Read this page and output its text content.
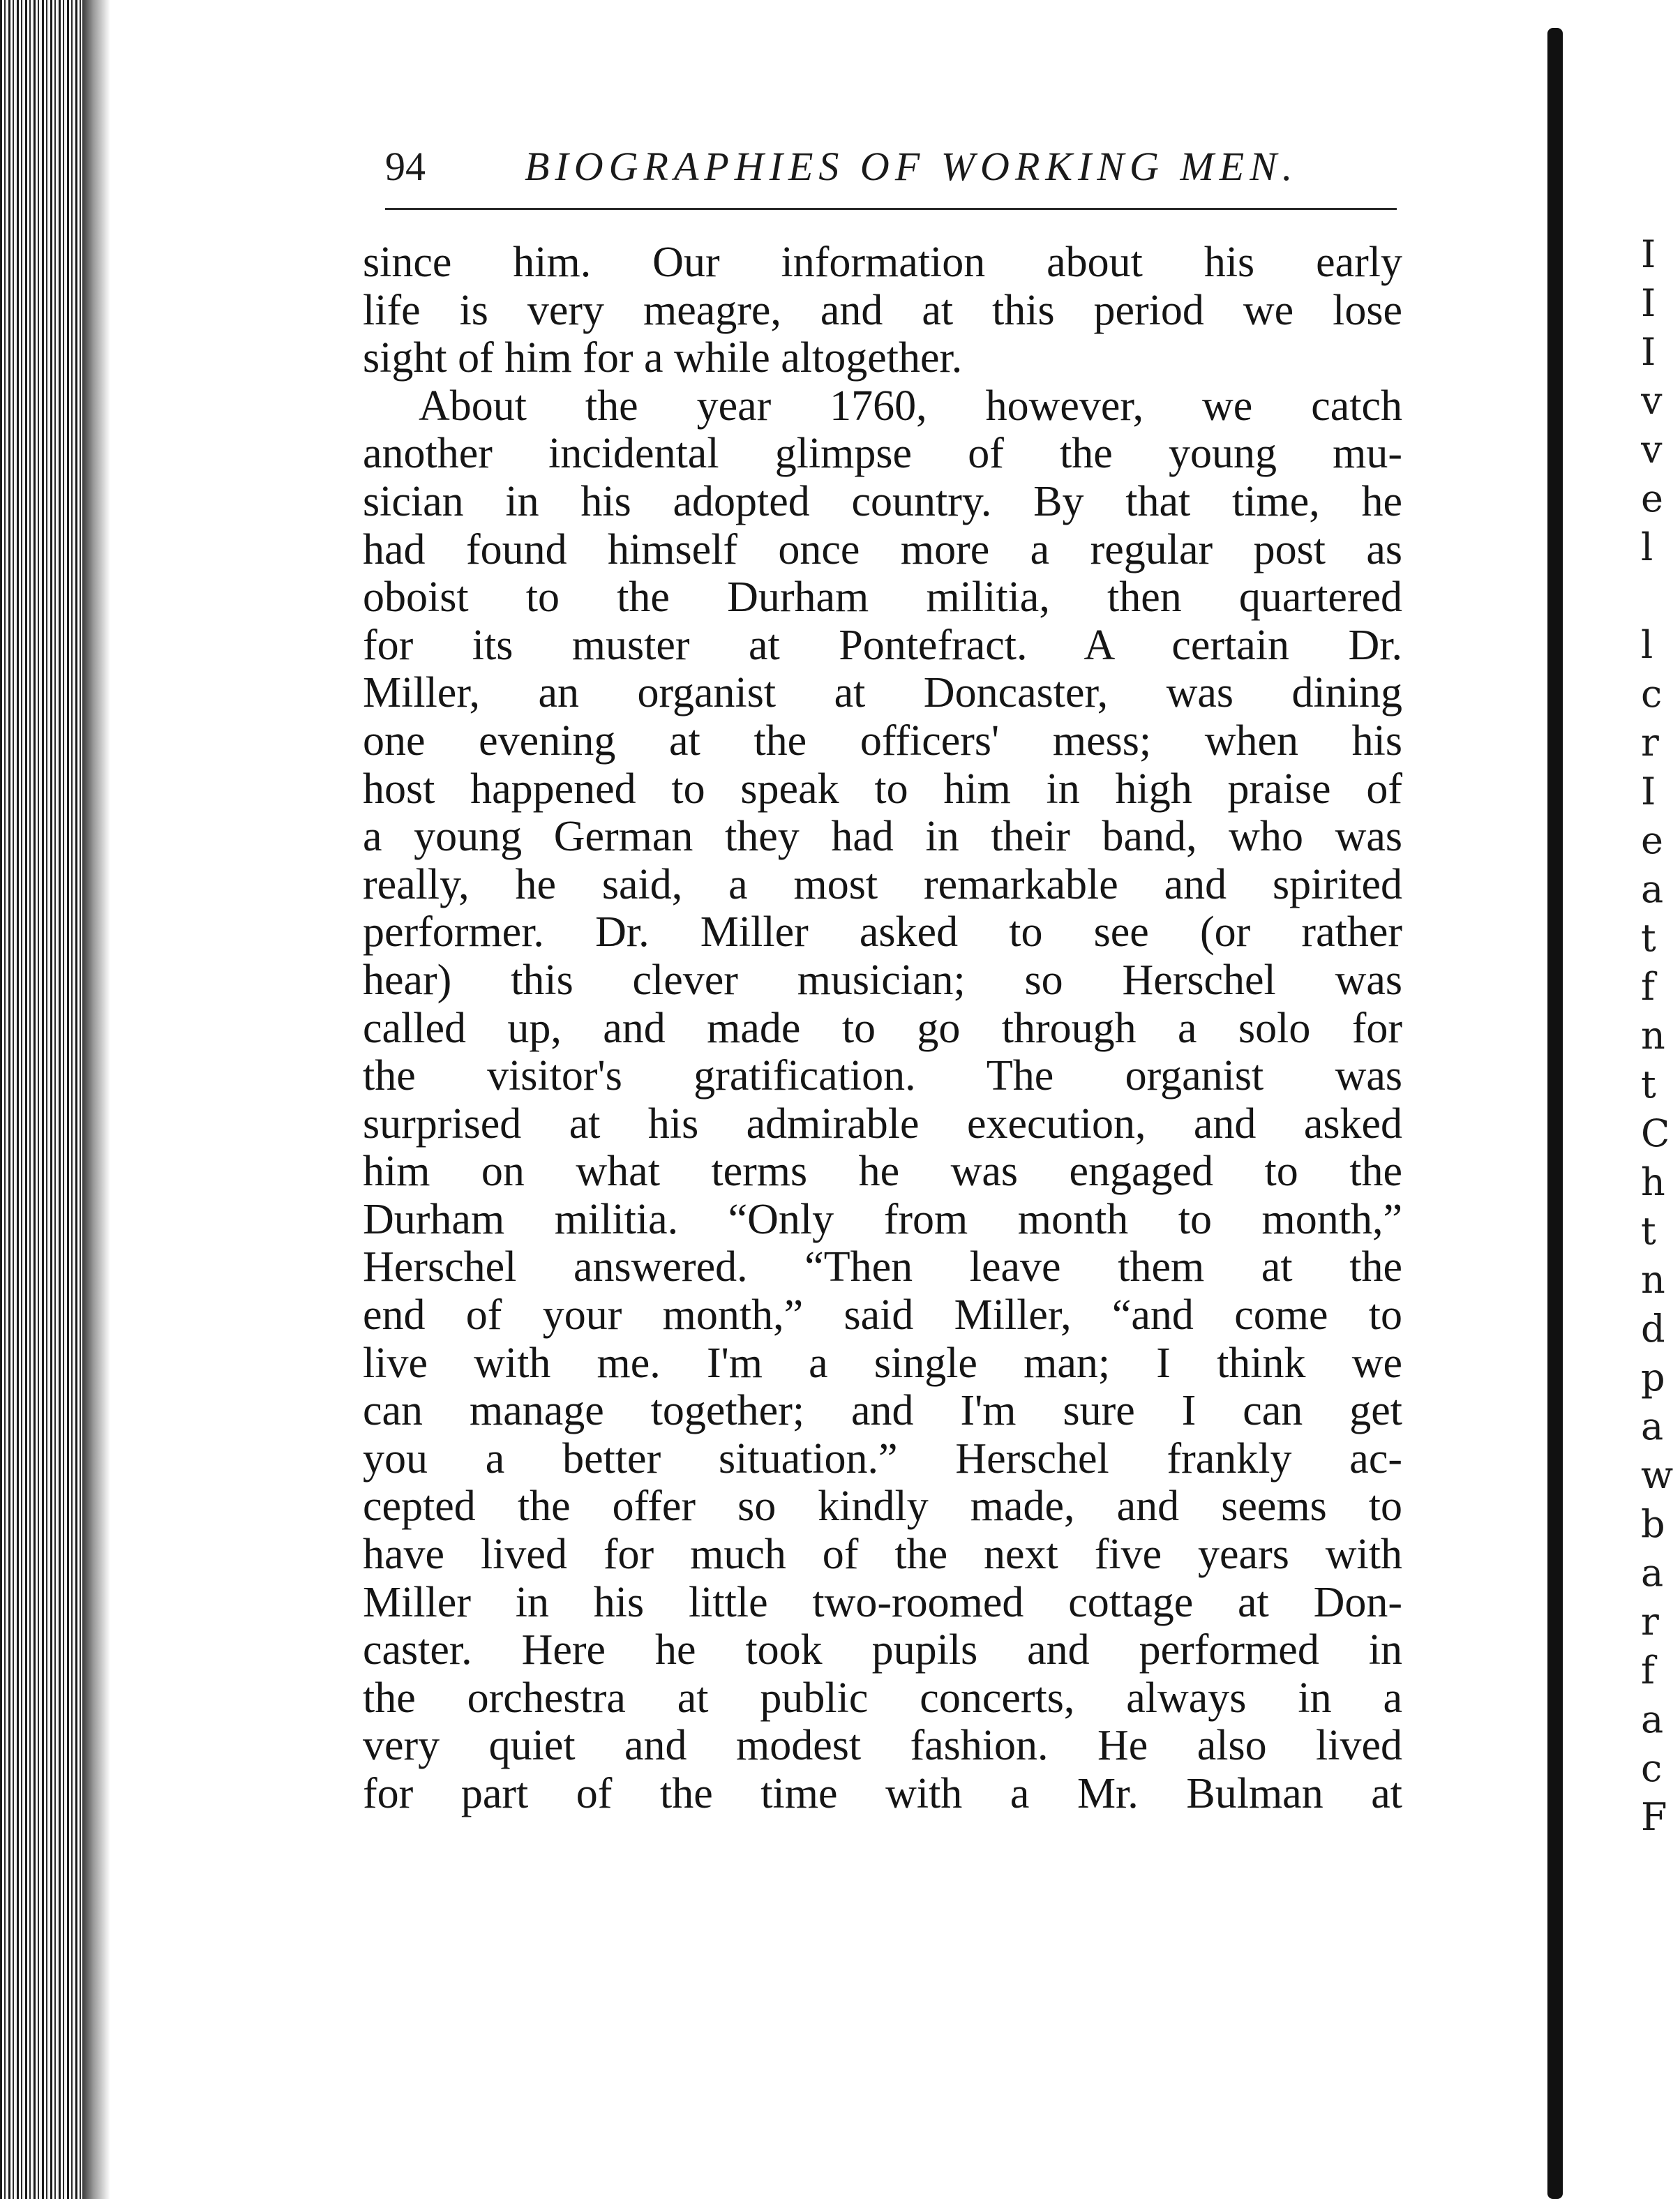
94 BIOGRAPHIES OF WORKING MEN.
since him. Our information about his early
life is very meagre, and at this period we lose
sight of him for a while altogether.
About the year 1760, however, we catch
another incidental glimpse of the young mu-
sician in his adopted country. By that time, he
had found himself once more a regular post as
oboist to the Durham militia, then quartered
for its muster at Pontefract. A certain Dr.
Miller, an organist at Doncaster, was dining
one evening at the officers' mess; when his
host happened to speak to him in high praise of
a young German they had in their band, who was
really, he said, a most remarkable and spirited
performer. Dr. Miller asked to see (or rather
hear) this clever musician; so Herschel was
called up, and made to go through a solo for
the visitor's gratification. The organist was
surprised at his admirable execution, and asked
him on what terms he was engaged to the
Durham militia. “Only from month to month,”
Herschel answered. “Then leave them at the
end of your month,” said Miller, “and come to
live with me. I'm a single man; I think we
can manage together; and I'm sure I can get
you a better situation.” Herschel frankly ac-
cepted the offer so kindly made, and seems to
have lived for much of the next five years with
Miller in his little two-roomed cottage at Don-
caster. Here he took pupils and performed in
the orchestra at public concerts, always in a
very quiet and modest fashion. He also lived
for part of the time with a Mr. Bulman at
I
I
I
v
v
e
l
l
c
r
I
e
a
t
f
n
t
C
h
t
n
d
p
a
w
b
a
r
f
a
c
F
